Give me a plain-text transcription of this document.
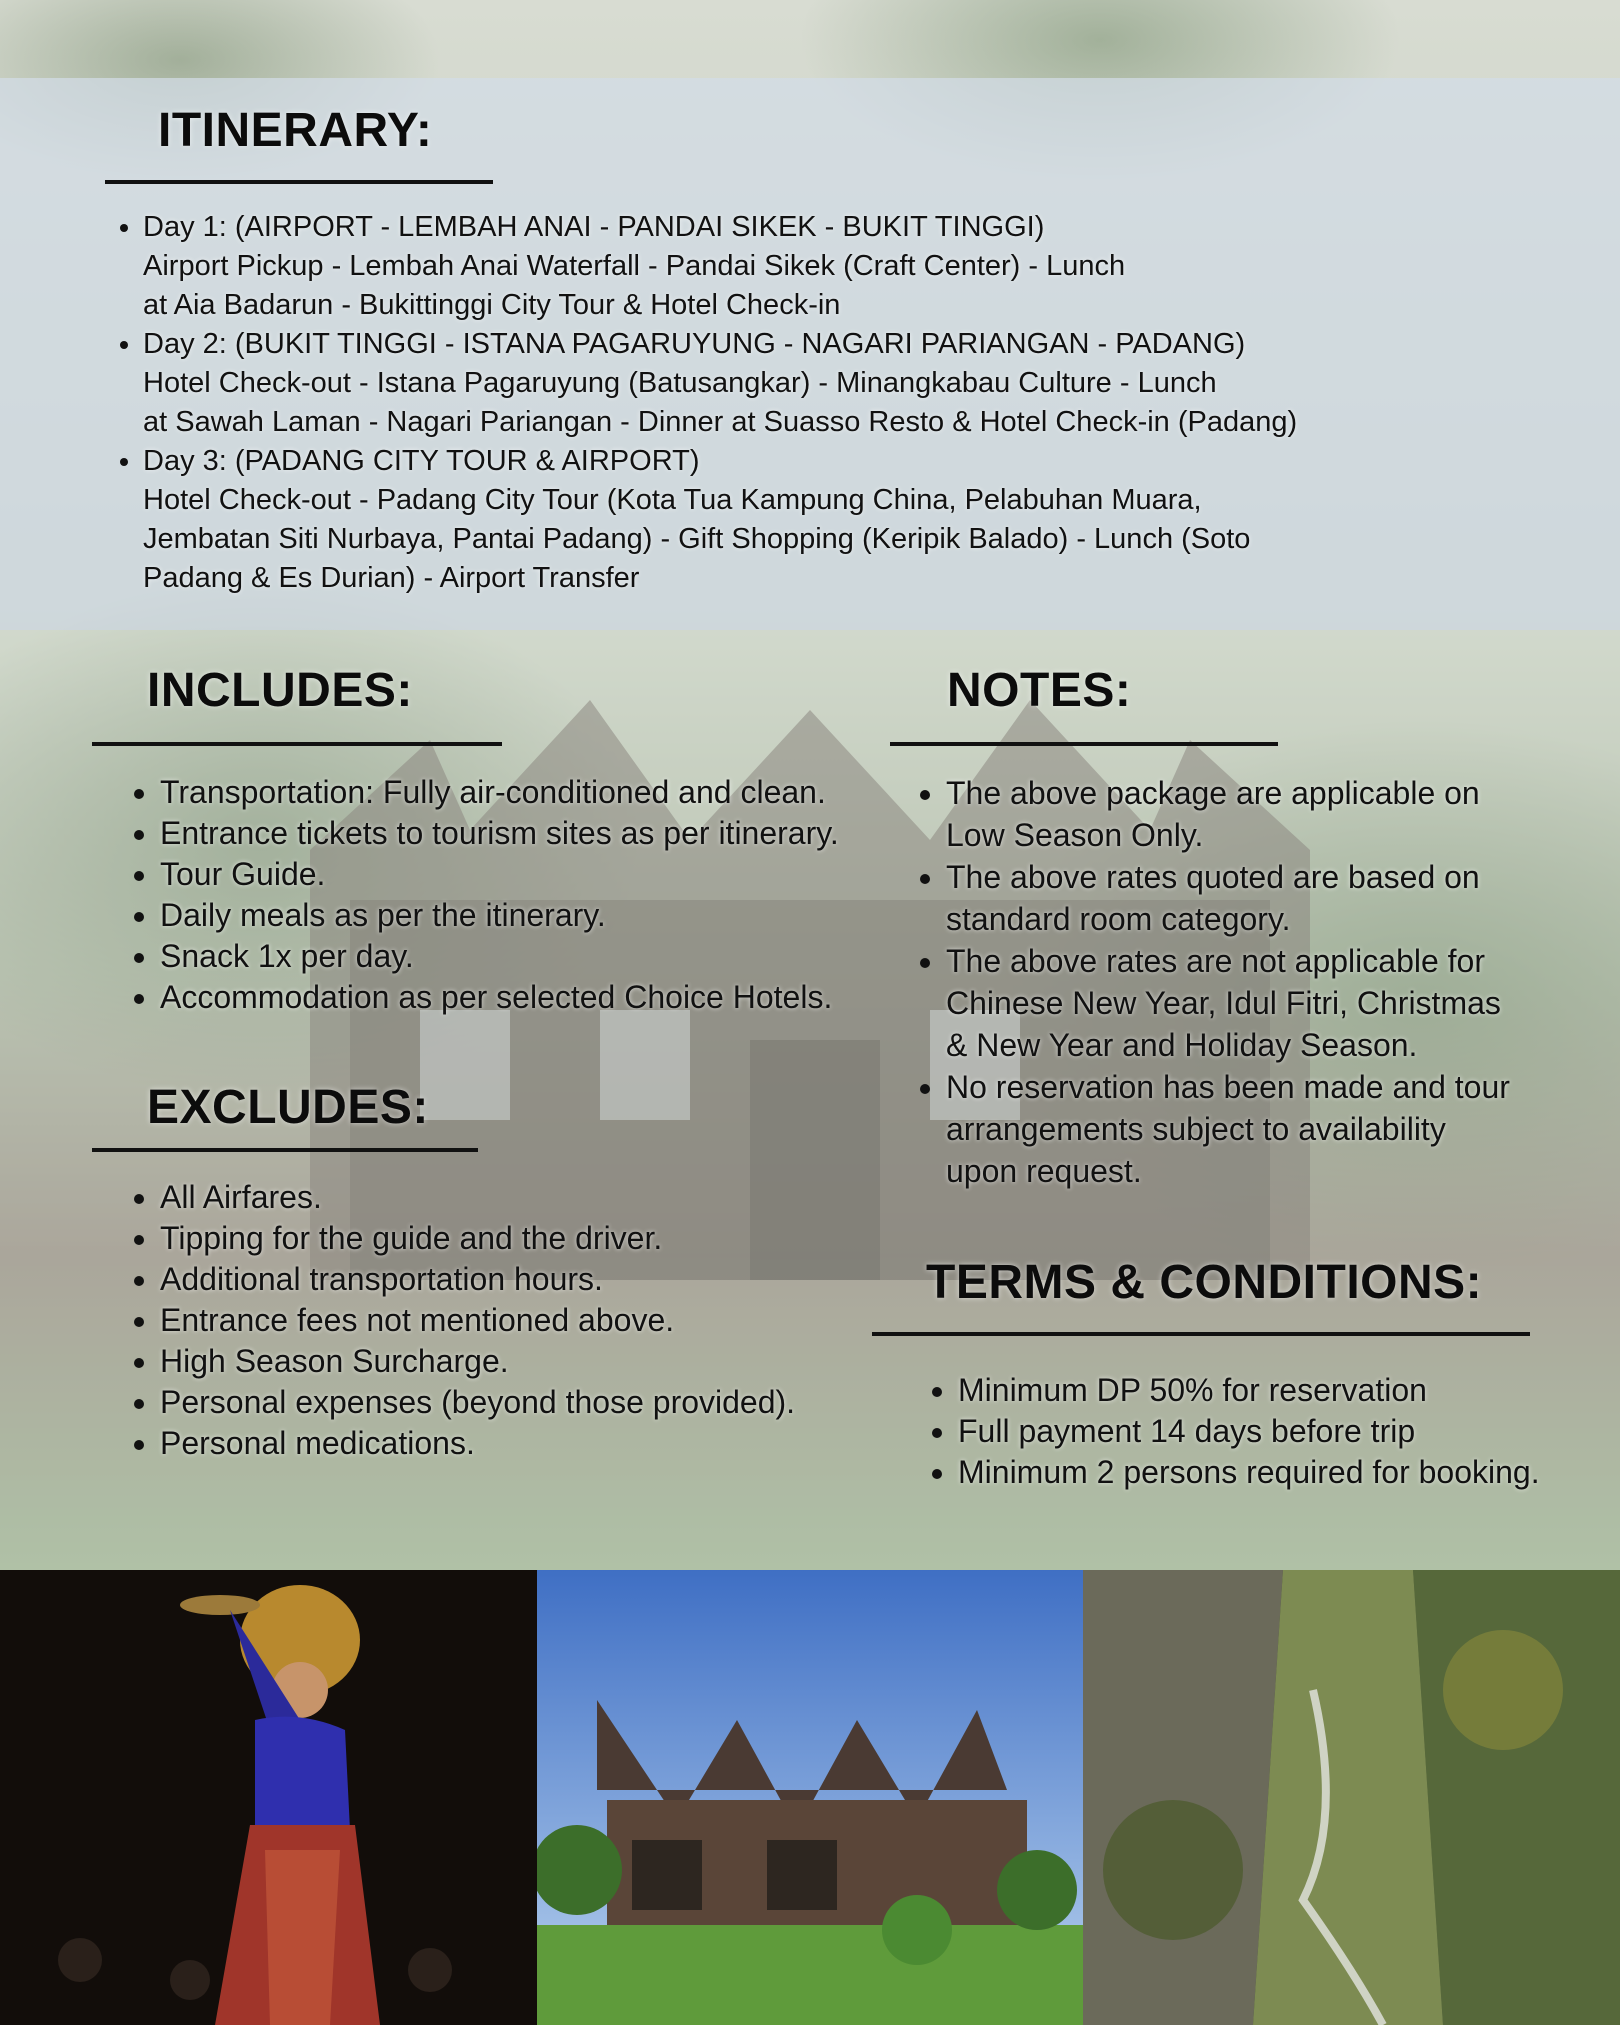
ITINERARY:
• Day 1: (AIRPORT - LEMBAH ANAI - PANDAI SIKEK - BUKIT TINGGI)
Airport Pickup - Lembah Anai Waterfall - Pandai Sikek (Craft Center) - Lunch
at Aia Badarun - Bukittinggi City Tour & Hotel Check-in
• Day 2: (BUKIT TINGGI - ISTANA PAGARUYUNG - NAGARI PARIANGAN - PADANG)
Hotel Check-out - Istana Pagaruyung (Batusangkar) - Minangkabau Culture - Lunch
at Sawah Laman - Nagari Pariangan - Dinner at Suasso Resto & Hotel Check-in (Padang)
• Day 3: (PADANG CITY TOUR & AIRPORT)
Hotel Check-out - Padang City Tour (Kota Tua Kampung China, Pelabuhan Muara,
Jembatan Siti Nurbaya, Pantai Padang) - Gift Shopping (Keripik Balado) - Lunch (Soto
Padang & Es Durian) - Airport Transfer
INCLUDES:
• Transportation: Fully air-conditioned and clean.
• Entrance tickets to tourism sites as per itinerary.
• Tour Guide.
• Daily meals as per the itinerary.
• Snack 1x per day.
• Accommodation as per selected Choice Hotels.
EXCLUDES:
• All Airfares.
• Tipping for the guide and the driver.
• Additional transportation hours.
• Entrance fees not mentioned above.
• High Season Surcharge.
• Personal expenses (beyond those provided).
• Personal medications.
NOTES:
• The above package are applicable on
Low Season Only.
• The above rates quoted are based on
standard room category.
• The above rates are not applicable for
Chinese New Year, Idul Fitri, Christmas
& New Year and Holiday Season.
• No reservation has been made and tour
arrangements subject to availability
upon request.
TERMS & CONDITIONS:
• Minimum DP 50% for reservation
• Full payment 14 days before trip
• Minimum 2 persons required for booking.
